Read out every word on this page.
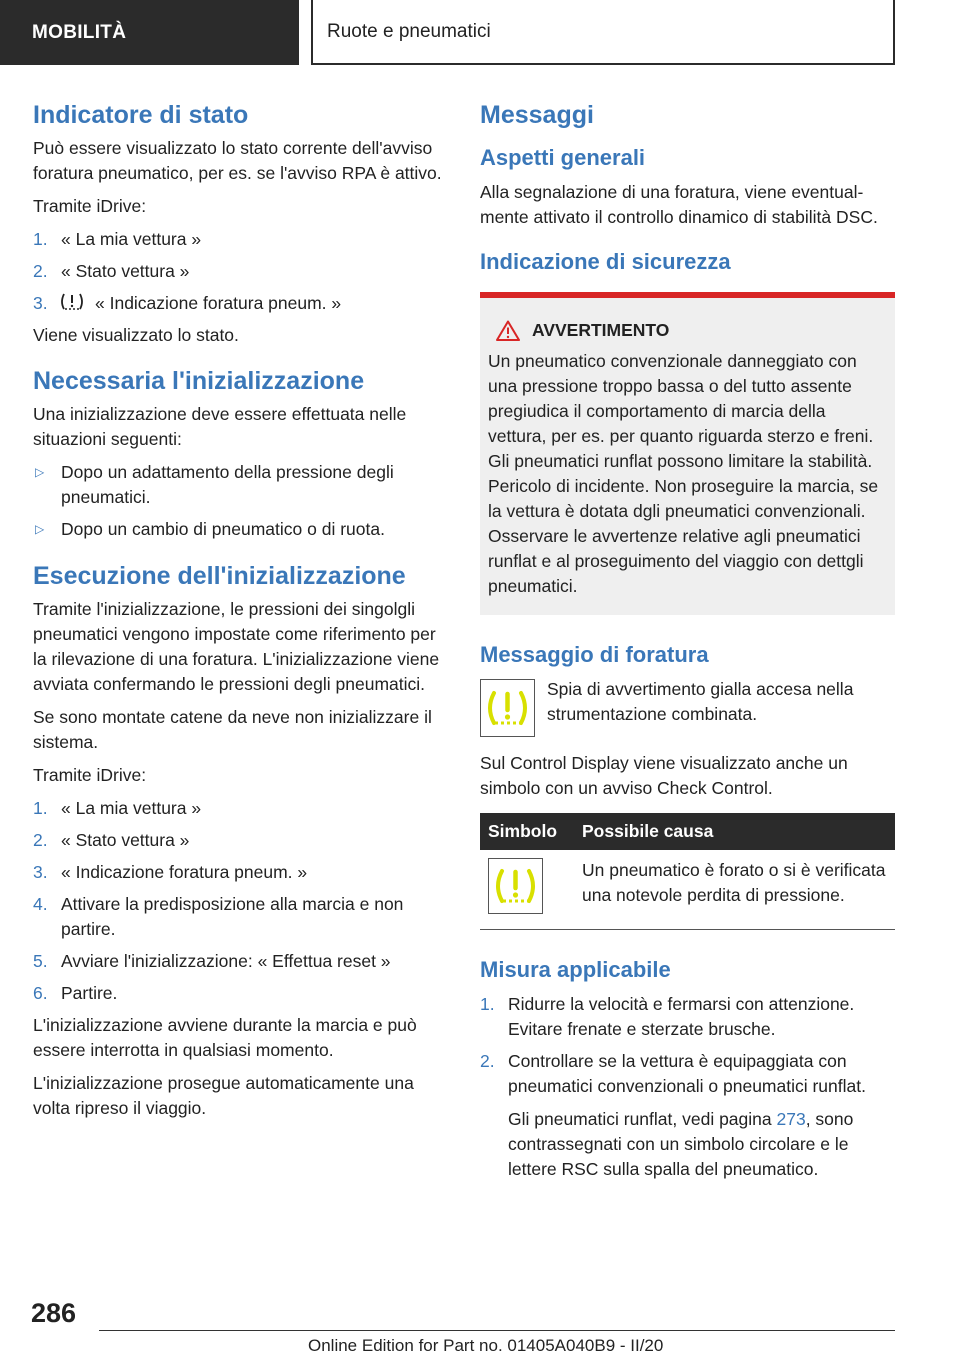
MOBILITÀ	Ruote e pneumatici
Indicatore di stato

Può essere visualizzato lo stato corrente dell'avviso foratura pneumatico, per es. se l'avviso RPA è attivo.

Tramite iDrive:

1. « La mia vettura »
2. « Stato vettura »
3.	« Indicazione foratura pneum. »

Viene visualizzato lo stato.

Necessaria l'inizializzazione

Una inizializzazione deve essere effettuata nelle situazioni seguenti:

▷ Dopo un adattamento della pressione degli pneumatici.
▷ Dopo un cambio di pneumatico o di ruota.
Esecuzione dell'inizializzazione

Tramite l'inizializzazione, le pressioni dei singolgli pneumatici vengono impostate come riferimento per la rilevazione di una foratura. L'inizializzazione viene avviata confermando le pressioni degli pneumatici.

Se sono montate catene da neve non inizializzare il sistema.

Tramite iDrive:

1. « La mia vettura »
2. « Stato vettura »
3. « Indicazione foratura pneum. »
4. Attivare la predisposizione alla marcia e non partire.
5. Avviare l'inizializzazione: « Effettua reset »
6. Partire.

L'inizializzazione avviene durante la marcia e può essere interrotta in qualsiasi momento.

L'inizializzazione prosegue automaticamente una volta ripreso il viaggio.

Messaggi
Aspetti generali

Alla segnalazione di una foratura, viene eventualmente attivato il controllo dinamico di stabilità DSC.

Indicazione di sicurezza
AVVERTIMENTO

Un pneumatico convenzionale danneggiato con una pressione troppo bassa o del tutto assente pregiudica il comportamento di marcia della vettura, per es. per quanto riguarda sterzo e freni. Gli pneumatici runflat possono limitare la stabilità. Pericolo di incidente. Non proseguire la marcia, se la vettura è dotata dgli pneumatici convenzionali. Osservare le avvertenze relative agli pneumatici runflat e al proseguimento del viaggio con dettgli pneumatici.

Messaggio di foratura

Spia di avvertimento gialla accesa nella strumentazione combinata.

Sul Control Display viene visualizzato anche un simbolo con un avviso Check Control.

Simbolo	Possibile causa
	Un pneumatico è forato o si è verificata una notevole perdita di pressione.
Misura applicabile
1. Ridurre la velocità e fermarsi con attenzione. Evitare frenate e sterzate brusche.
2. Controllare se la vettura è equipaggiata con pneumatici convenzionali o pneumatici runflat.
Gli pneumatici runflat, vedi pagina 273, sono contrassegnati con un simbolo circolare e le lettere RSC sulla spalla del pneumatico.
286
Online Edition for Part no. 01405A040B9 - II/20
